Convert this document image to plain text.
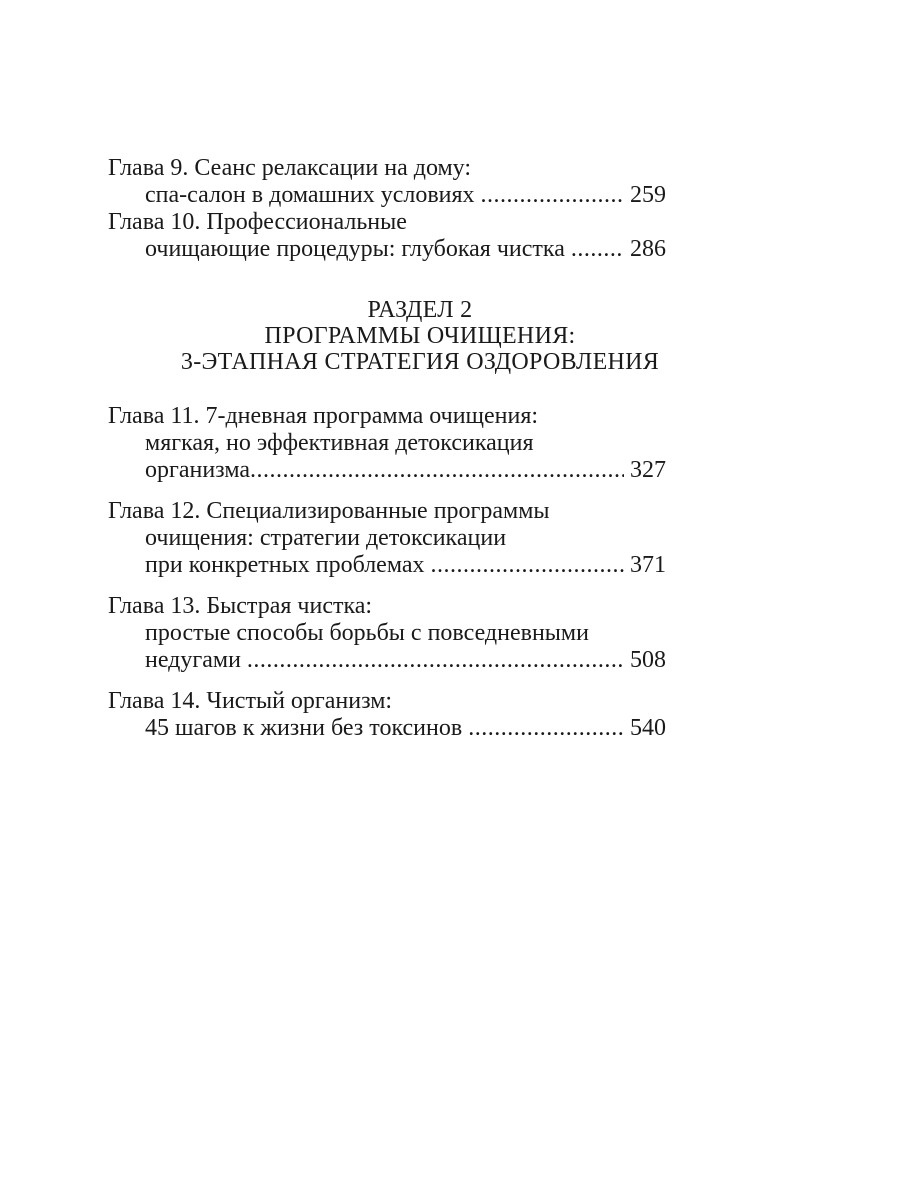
Глава 9. Сеанс релаксации на дому:
спа-салон в домашних условиях .....	259
Глава 10. Профессиональные
очищающие процедуры: глубокая чистка .....	286
РАЗДЕЛ 2
ПРОГРАММЫ ОЧИЩЕНИЯ:
3-ЭТАПНАЯ СТРАТЕГИЯ ОЗДОРОВЛЕНИЯ
Глава 11. 7-дневная программа очищения:
мягкая, но эффективная детоксикация
организма .....	327
Глава 12. Специализированные программы
очищения: стратегии детоксикации
при конкретных проблемах .....	371
Глава 13. Быстрая чистка:
простые способы борьбы с повседневными
недугами .....	508
Глава 14. Чистый организм:
45 шагов к жизни без токсинов .....	540
